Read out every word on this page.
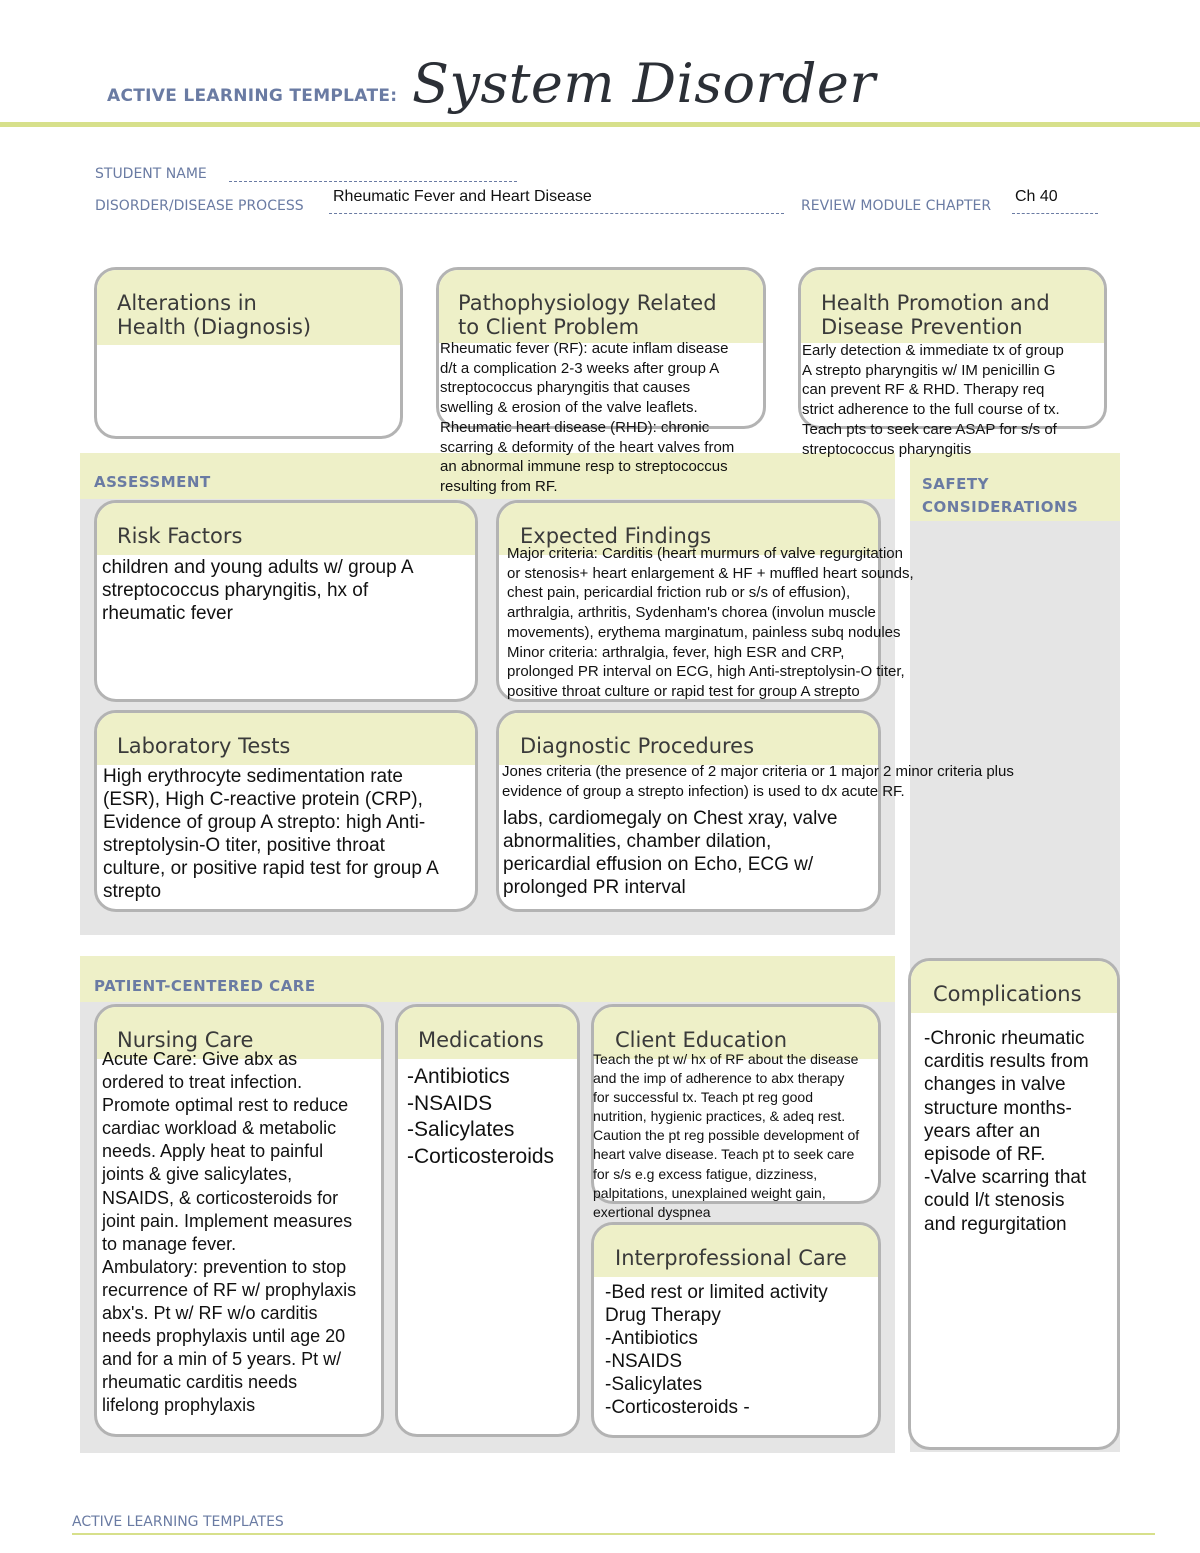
ACTIVE LEARNING TEMPLATE: System Disorder
STUDENT NAME
DISORDER/DISEASE PROCESS
Rheumatic Fever and Heart Disease
REVIEW MODULE CHAPTER
Ch 40
Alterations in
Health (Diagnosis)
Pathophysiology Related
to Client Problem
Health Promotion and
Disease Prevention
ASSESSMENT	SAFETY
CONSIDERATIONS
Rheumatic fever (RF): acute inflam disease
d/t a complication 2-3 weeks after group A
streptococcus pharyngitis that causes
swelling & erosion of the valve leaflets.
Rheumatic heart disease (RHD): chronic
scarring & deformity of the heart valves from
an abnormal immune resp to streptococcus
resulting from RF.
Early detection & immediate tx of group
A strepto pharyngitis w/ IM penicillin G
can prevent RF & RHD. Therapy req
strict adherence to the full course of tx.
Teach pts to seek care ASAP for s/s of
streptococcus pharyngitis
Risk Factors
children and young adults w/ group A
streptococcus pharyngitis, hx of
rheumatic fever
Expected Findings
Major criteria: Carditis (heart murmurs of valve regurgitation
or stenosis+ heart enlargement & HF + muffled heart sounds,
chest pain, pericardial friction rub or s/s of effusion),
arthralgia, arthritis, Sydenham's chorea (involun muscle
movements), erythema marginatum, painless subq nodules
Minor criteria: arthralgia, fever, high ESR and CRP,
prolonged PR interval on ECG, high Anti-streptolysin-O titer,
positive throat culture or rapid test for group A strepto
Laboratory Tests
High erythrocyte sedimentation rate
(ESR), High C-reactive protein (CRP),
Evidence of group A strepto: high Anti-
streptolysin-O titer, positive throat
culture, or positive rapid test for group A
strepto
Diagnostic Procedures
labs, cardiomegaly on Chest xray, valve
abnormalities, chamber dilation,
pericardial effusion on Echo, ECG w/
prolonged PR interval
Jones criteria (the presence of 2 major criteria or 1 major 2 minor criteria plus
evidence of group a strepto infection) is used to dx acute RF.
PATIENT-CENTERED CARE
Nursing Care
Acute Care: Give abx as
ordered to treat infection.
Promote optimal rest to reduce
cardiac workload & metabolic
needs. Apply heat to painful
joints & give salicylates,
NSAIDS, & corticosteroids for
joint pain. Implement measures
to manage fever.
Ambulatory: prevention to stop
recurrence of RF w/ prophylaxis
abx's. Pt w/ RF w/o carditis
needs prophylaxis until age 20
and for a min of 5 years. Pt w/
rheumatic carditis needs
lifelong prophylaxis
Medications
-Antibiotics
-NSAIDS
-Salicylates
-Corticosteroids
Client Education
Teach the pt w/ hx of RF about the disease
and the imp of adherence to abx therapy
for successful tx. Teach pt reg good
nutrition, hygienic practices, & adeq rest.
Caution the pt reg possible development of
heart valve disease. Teach pt to seek care
for s/s e.g excess fatigue, dizziness,
palpitations, unexplained weight gain,
exertional dyspnea
Interprofessional Care
-Bed rest or limited activity
Drug Therapy
-Antibiotics
-NSAIDS
-Salicylates
-Corticosteroids -
Complications
-Chronic rheumatic
carditis results from
changes in valve
structure months-
years after an
episode of RF.
-Valve scarring that
could l/t stenosis
and regurgitation
ACTIVE LEARNING TEMPLATES
